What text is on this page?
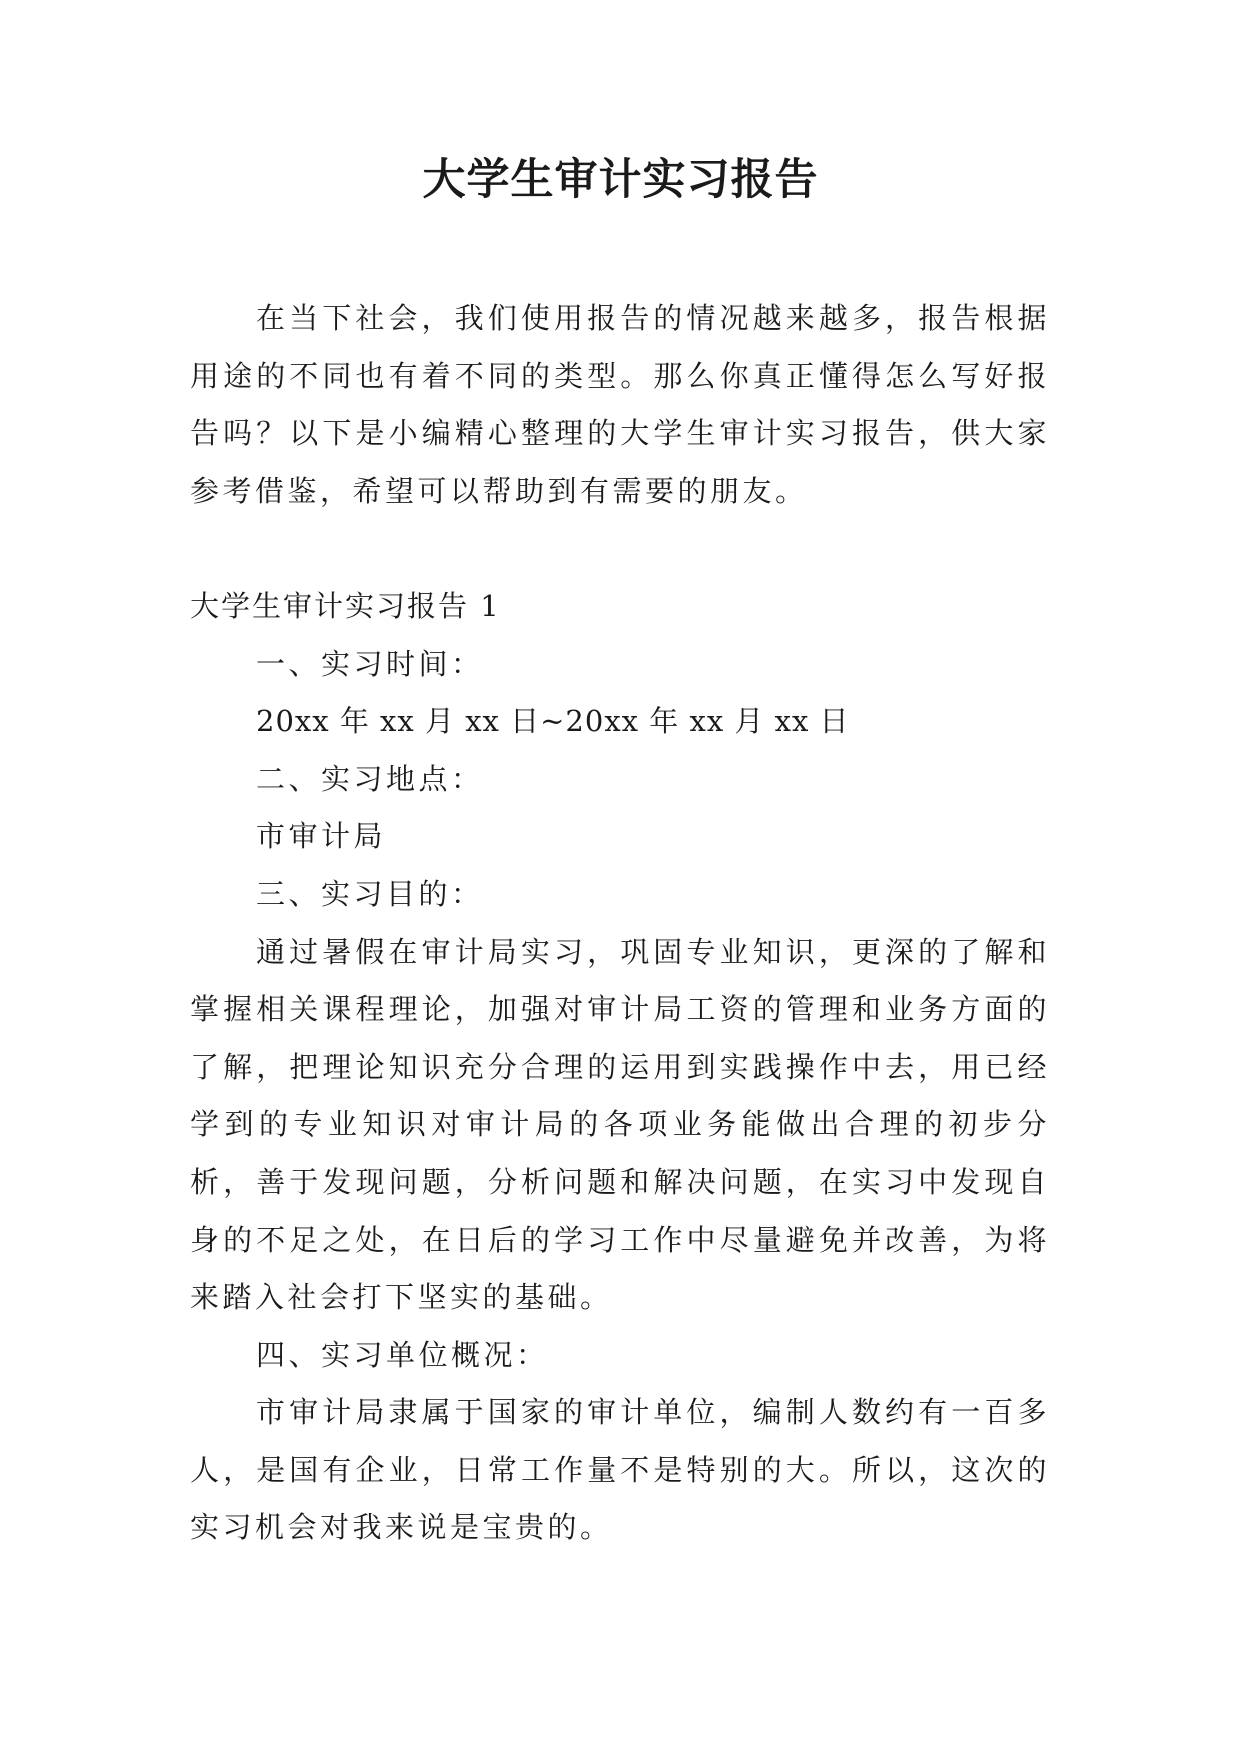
大学生审计实习报告

在当下社会，我们使用报告的情况越来越多，报告根据用途的不同也有着不同的类型。那么你真正懂得怎么写好报告吗？以下是小编精心整理的大学生审计实习报告，供大家参考借鉴，希望可以帮助到有需要的朋友。

大学生审计实习报告 1

一、实习时间：

20xx 年 xx 月 xx 日~20xx 年 xx 月 xx 日

二、实习地点：

市审计局

三、实习目的：

通过暑假在审计局实习，巩固专业知识，更深的了解和掌握相关课程理论，加强对审计局工资的管理和业务方面的了解，把理论知识充分合理的运用到实践操作中去，用已经学到的专业知识对审计局的各项业务能做出合理的初步分析，善于发现问题，分析问题和解决问题，在实习中发现自身的不足之处，在日后的学习工作中尽量避免并改善，为将来踏入社会打下坚实的基础。

四、实习单位概况：

市审计局隶属于国家的审计单位，编制人数约有一百多人，是国有企业，日常工作量不是特别的大。所以，这次的实习机会对我来说是宝贵的。
